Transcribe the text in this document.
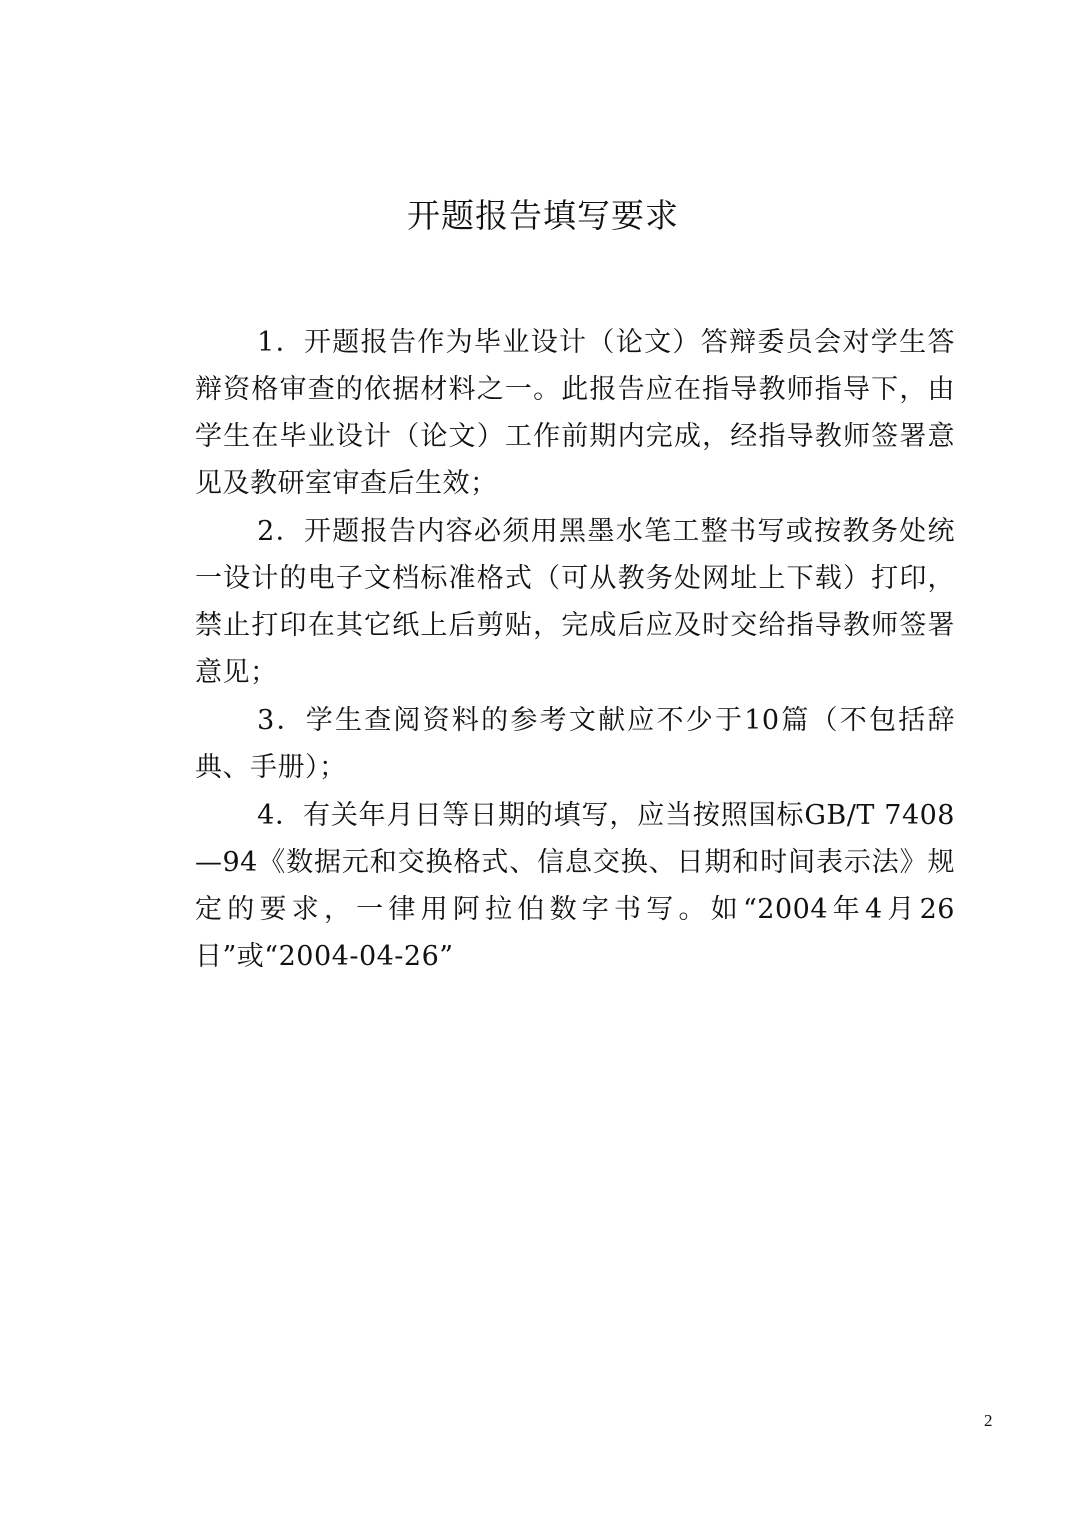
开题报告填写要求

1．开题报告作为毕业设计（论文）答辩委员会对学生答辩资格审查的依据材料之一。此报告应在指导教师指导下，由学生在毕业设计（论文）工作前期内完成，经指导教师签署意见及教研室审查后生效；

2．开题报告内容必须用黑墨水笔工整书写或按教务处统一设计的电子文档标准格式（可从教务处网址上下载）打印，禁止打印在其它纸上后剪贴，完成后应及时交给指导教师签署意见；

3．学生查阅资料的参考文献应不少于10篇（不包括辞典、手册）；

4．有关年月日等日期的填写，应当按照国标GB/T 7408—94《数据元和交换格式、信息交换、日期和时间表示法》规定的要求，一律用阿拉伯数字书写。如“2004年4月26日”或“2004-04-26”

2
